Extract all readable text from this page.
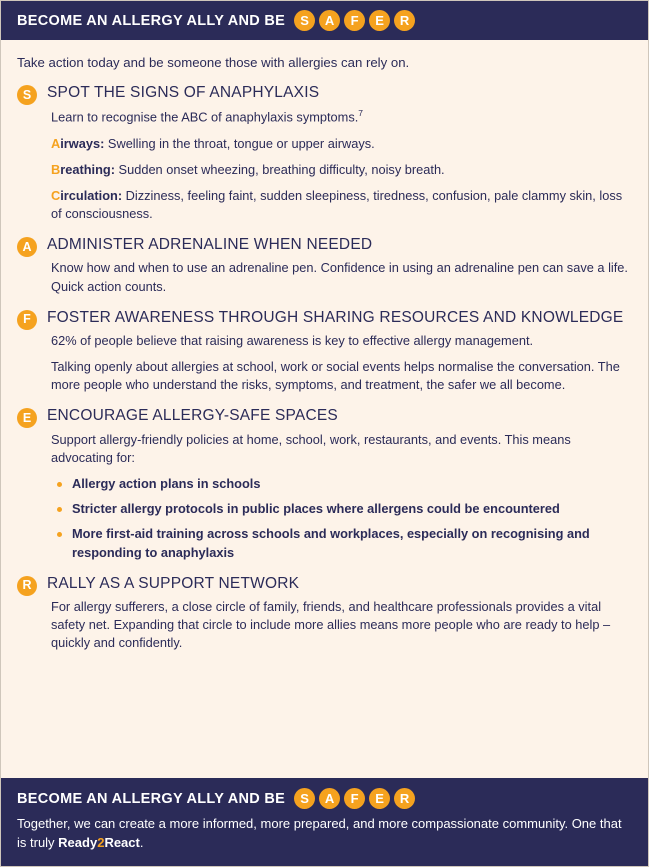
BECOME AN ALLERGY ALLY AND BE	S	A	F	E	R

Take action today and be someone those with allergies can rely on.

S	SPOT THE SIGNS OF ANAPHYLAXIS

Learn to recognise the ABC of anaphylaxis symptoms.$^7$

Airways: Swelling in the throat, tongue or upper airways.

Breathing: Sudden onset wheezing, breathing difficulty, noisy breath.

Circulation: Dizziness, feeling faint, sudden sleepiness, tiredness, confusion, pale clammy skin, loss of consciousness.

A ADMINISTER ADRENALINE WHEN NEEDED

Know how and when to use an adrenaline pen. Confidence in using an adrenaline pen can save a life. Quick action counts.

F	FOSTER AWARENESS THROUGH SHARING RESOURCES AND KNOWLEDGE

62% of people believe that raising awareness is key to effective allergy management.

Talking openly about allergies at school, work or social events helps normalise the conversation. The more people who understand the risks, symptoms, and treatment, the safer we all become.

E	ENCOURAGE ALLERGY-SAFE SPACES

Support allergy-friendly policies at home, school, work, restaurants, and events. This means advocating for:

Allergy action plans in schools
Stricter allergy protocols in public places where allergens could be encountered
More first-aid training across schools and workplaces, especially on recognising and responding to anaphylaxis
R RALLY AS A SUPPORT NETWORK

For allergy sufferers, a close circle of family, friends, and healthcare professionals provides a vital safety net. Expanding that circle to include more allies means more people who are ready to help – quickly and confidently.

BECOME AN ALLERGY ALLY AND BE	S	A	F	E	R
Together, we can create a more informed, more prepared, and more compassionate community. One that is truly Ready2React.
